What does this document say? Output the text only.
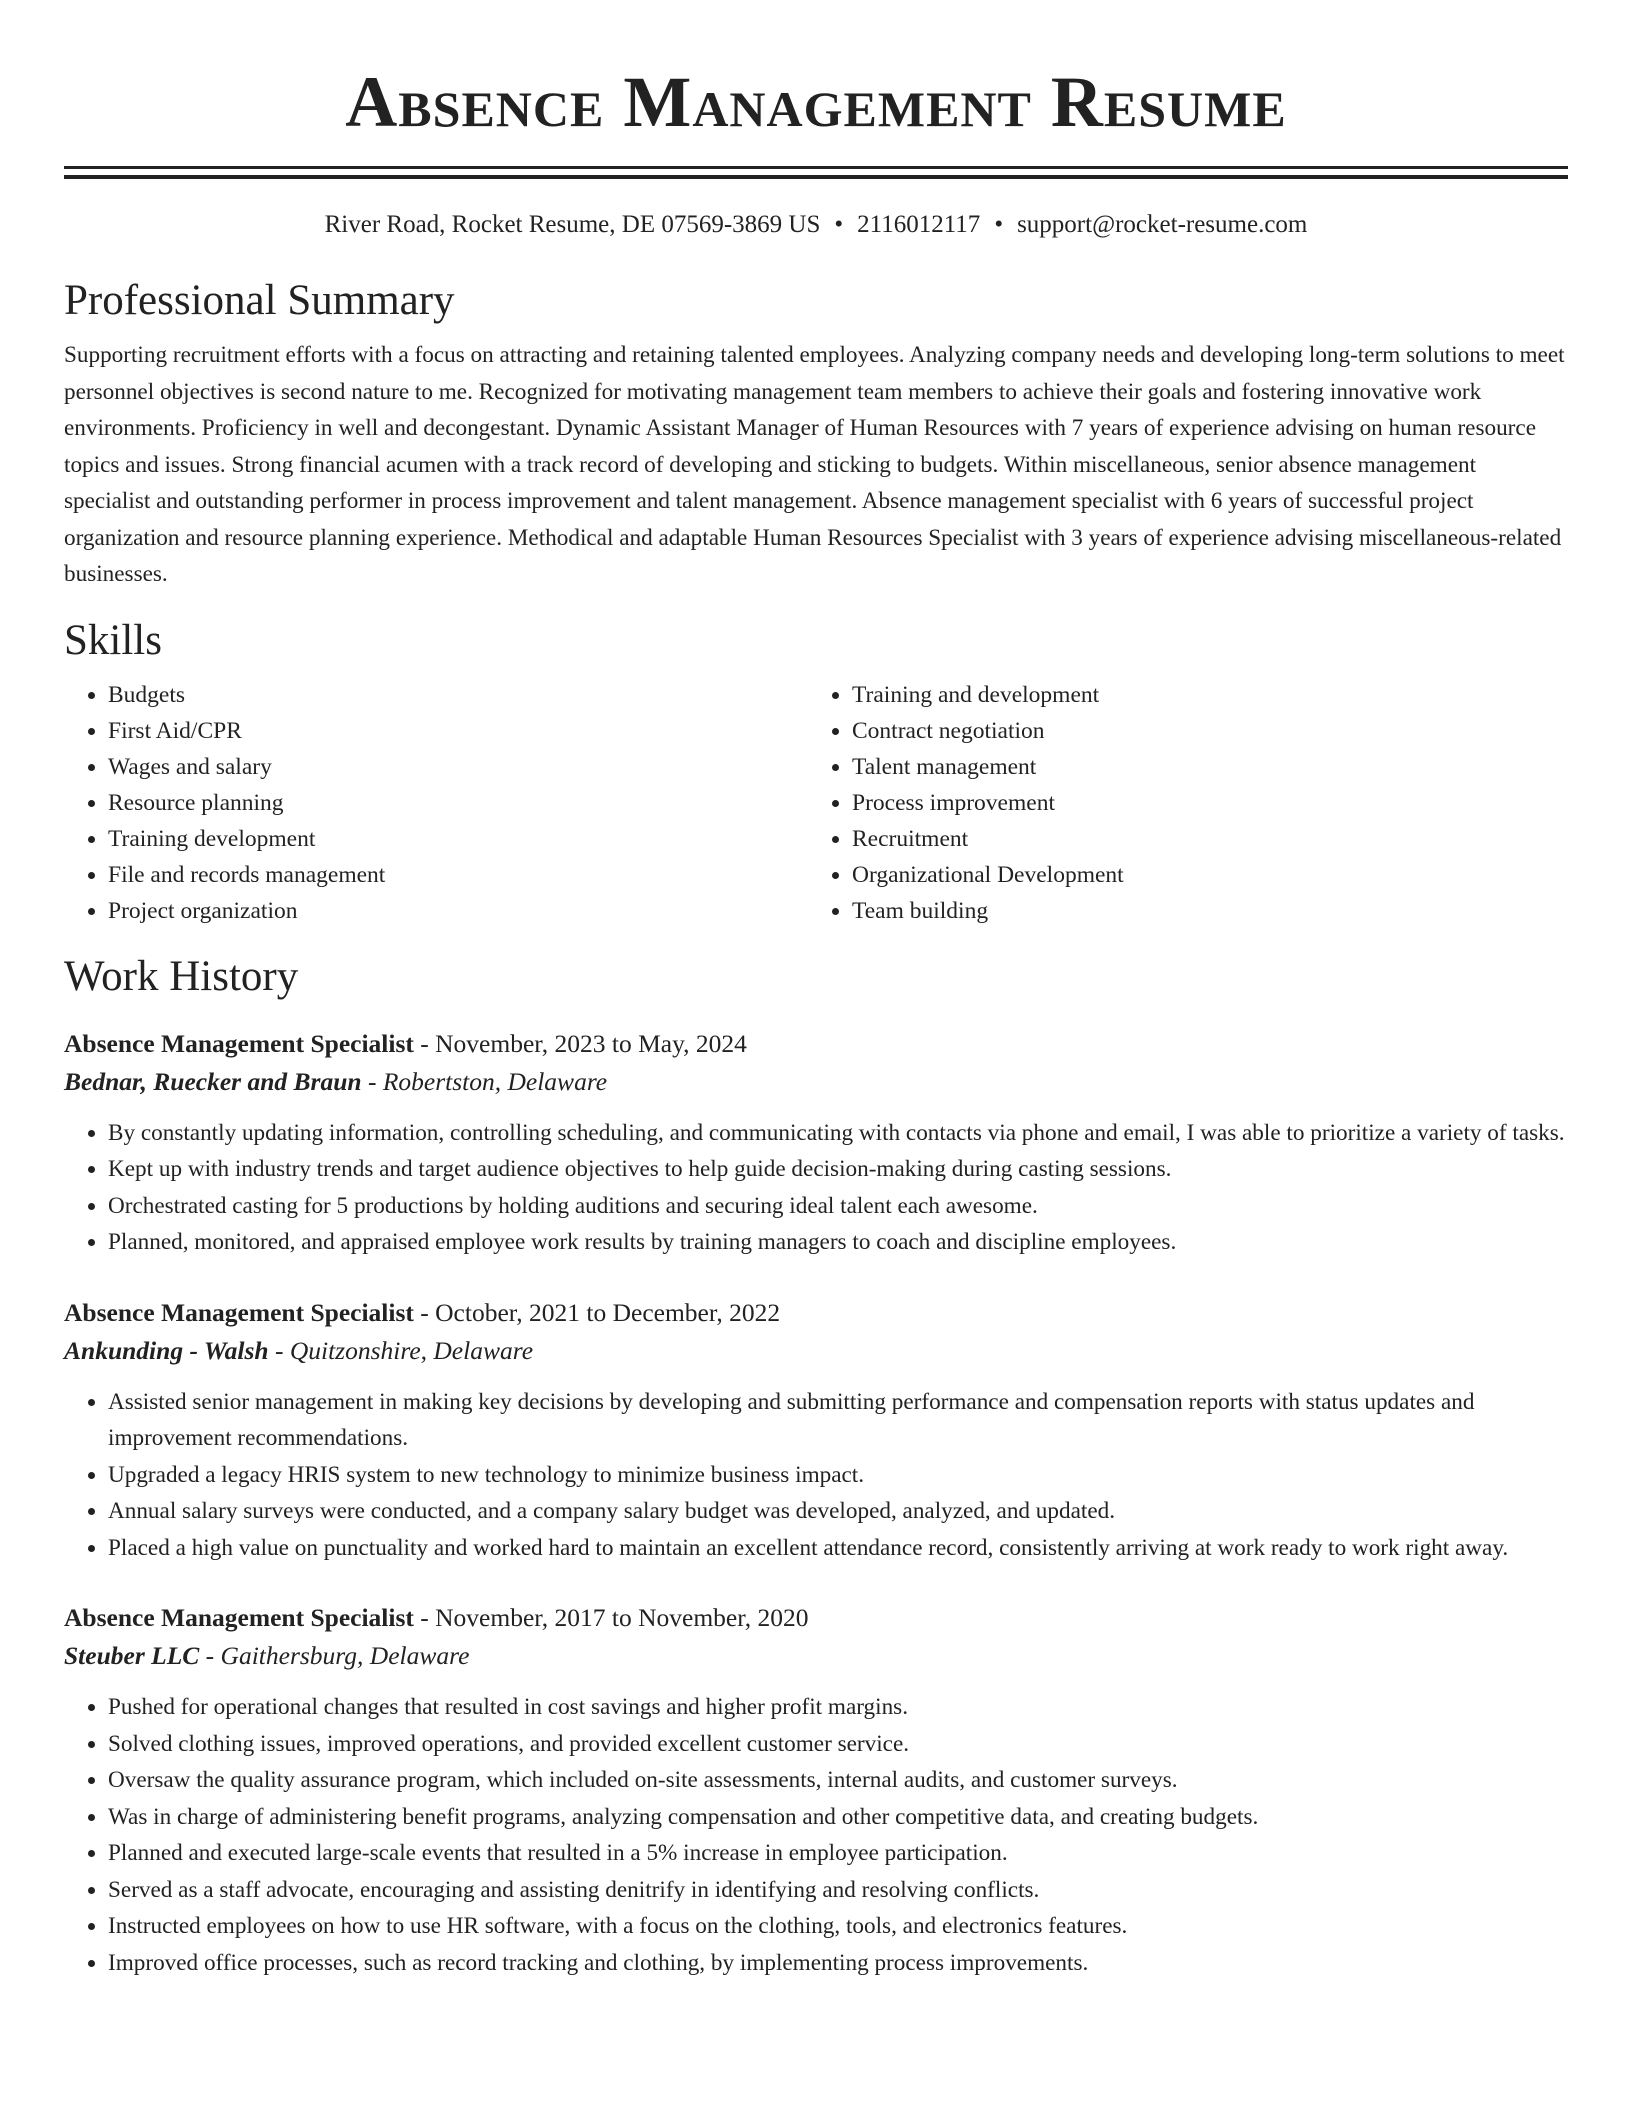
Absence Management Resume
River Road, Rocket Resume, DE 07569-3869 US • 2116012117 • support@rocket-resume.com
Professional Summary

Supporting recruitment efforts with a focus on attracting and retaining talented employees. Analyzing company needs and developing long-term solutions to meet personnel objectives is second nature to me. Recognized for motivating management team members to achieve their goals and fostering innovative work environments. Proficiency in well and decongestant. Dynamic Assistant Manager of Human Resources with 7 years of experience advising on human resource topics and issues. Strong financial acumen with a track record of developing and sticking to budgets. Within miscellaneous, senior absence management specialist and outstanding performer in process improvement and talent management. Absence management specialist with 6 years of successful project organization and resource planning experience. Methodical and adaptable Human Resources Specialist with 3 years of experience advising miscellaneous-related businesses.

Skills
• Budgets
• First Aid/CPR
• Wages and salary
• Resource planning
• Training development
• File and records management
• Project organization
• Training and development
• Contract negotiation
• Talent management
• Process improvement
• Recruitment
• Organizational Development
• Team building
Work History
Absence Management Specialist - November, 2023 to May, 2024
Bednar, Ruecker and Braun - Robertston, Delaware
• By constantly updating information, controlling scheduling, and communicating with contacts via phone and email, I was able to prioritize a variety of tasks.
• Kept up with industry trends and target audience objectives to help guide decision-making during casting sessions.
• Orchestrated casting for 5 productions by holding auditions and securing ideal talent each awesome.
• Planned, monitored, and appraised employee work results by training managers to coach and discipline employees.
Absence Management Specialist - October, 2021 to December, 2022
Ankunding - Walsh - Quitzonshire, Delaware
• Assisted senior management in making key decisions by developing and submitting performance and compensation reports with status updates and improvement recommendations.
• Upgraded a legacy HRIS system to new technology to minimize business impact.
• Annual salary surveys were conducted, and a company salary budget was developed, analyzed, and updated.
• Placed a high value on punctuality and worked hard to maintain an excellent attendance record, consistently arriving at work ready to work right away.
Absence Management Specialist - November, 2017 to November, 2020
Steuber LLC - Gaithersburg, Delaware
• Pushed for operational changes that resulted in cost savings and higher profit margins.
• Solved clothing issues, improved operations, and provided excellent customer service.
• Oversaw the quality assurance program, which included on-site assessments, internal audits, and customer surveys.
• Was in charge of administering benefit programs, analyzing compensation and other competitive data, and creating budgets.
• Planned and executed large-scale events that resulted in a 5% increase in employee participation.
• Served as a staff advocate, encouraging and assisting denitrify in identifying and resolving conflicts.
• Instructed employees on how to use HR software, with a focus on the clothing, tools, and electronics features.
• Improved office processes, such as record tracking and clothing, by implementing process improvements.
